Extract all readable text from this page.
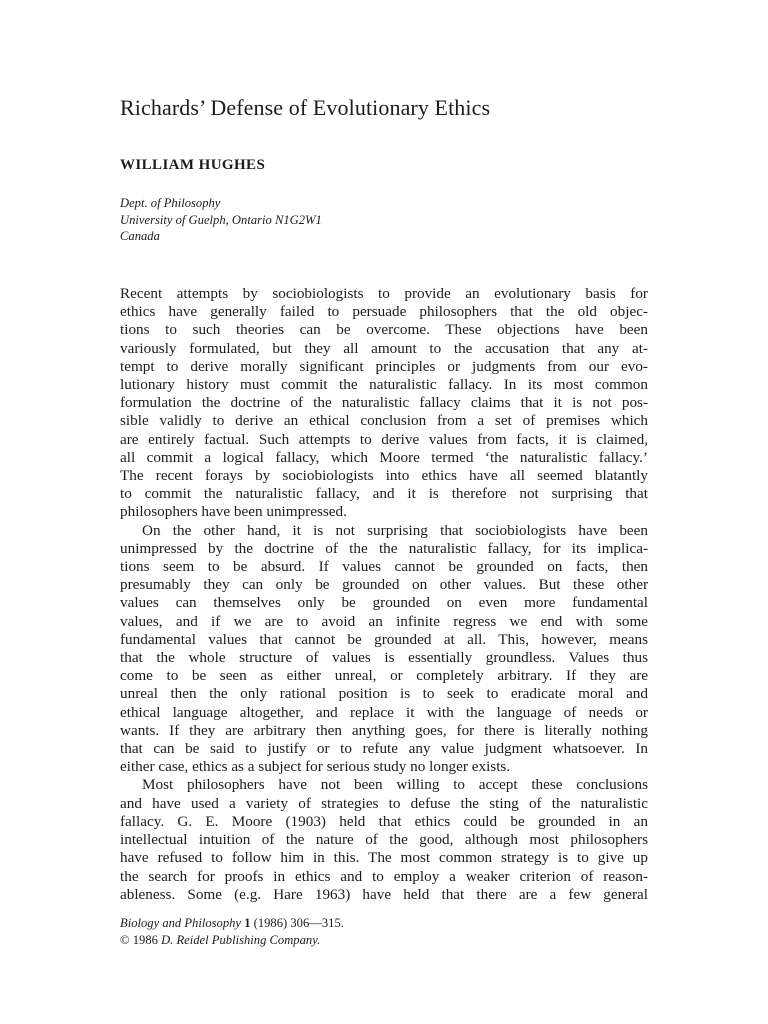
Richards’ Defense of Evolutionary Ethics
WILLIAM HUGHES
Dept. of Philosophy
University of Guelph, Ontario N1G2W1
Canada

Recent attempts by sociobiologists to provide an evolutionary basis for
ethics have generally failed to persuade philosophers that the old objec-
tions to such theories can be overcome. These objections have been
variously formulated, but they all amount to the accusation that any at-
tempt to derive morally significant principles or judgments from our evo-
lutionary history must commit the naturalistic fallacy. In its most common
formulation the doctrine of the naturalistic fallacy claims that it is not pos-
sible validly to derive an ethical conclusion from a set of premises which
are entirely factual. Such attempts to derive values from facts, it is claimed,
all commit a logical fallacy, which Moore termed ‘the naturalistic fallacy.’
The recent forays by sociobiologists into ethics have all seemed blatantly
to commit the naturalistic fallacy, and it is therefore not surprising that
philosophers have been unimpressed.

On the other hand, it is not surprising that sociobiologists have been
unimpressed by the doctrine of the the naturalistic fallacy, for its implica-
tions seem to be absurd. If values cannot be grounded on facts, then
presumably they can only be grounded on other values. But these other
values can themselves only be grounded on even more fundamental
values, and if we are to avoid an infinite regress we end with some
fundamental values that cannot be grounded at all. This, however, means
that the whole structure of values is essentially groundless. Values thus
come to be seen as either unreal, or completely arbitrary. If they are
unreal then the only rational position is to seek to eradicate moral and
ethical language altogether, and replace it with the language of needs or
wants. If they are arbitrary then anything goes, for there is literally nothing
that can be said to justify or to refute any value judgment whatsoever. In
either case, ethics as a subject for serious study no longer exists.

Most philosophers have not been willing to accept these conclusions
and have used a variety of strategies to defuse the sting of the naturalistic
fallacy. G. E. Moore (1903) held that ethics could be grounded in an
intellectual intuition of the nature of the good, although most philosophers
have refused to follow him in this. The most common strategy is to give up
the search for proofs in ethics and to employ a weaker criterion of reason-
ableness. Some (e.g. Hare 1963) have held that there are a few general

Biology and Philosophy 1 (1986) 306—315.
© 1986 D. Reidel Publishing Company.
